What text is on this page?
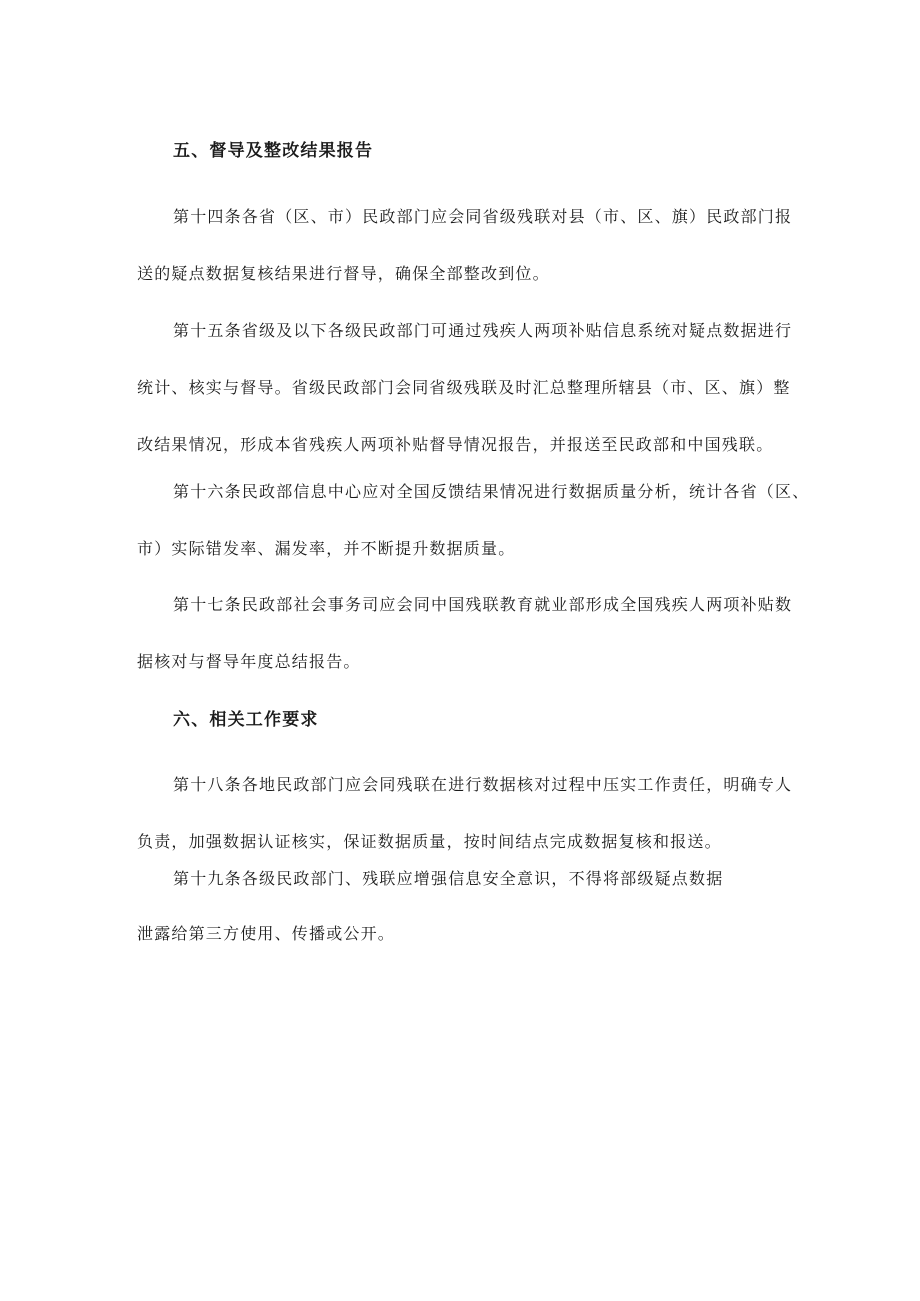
五、督导及整改结果报告
第十四条各省（区、市）民政部门应会同省级残联对县（市、区、旗）民政部门报
送的疑点数据复核结果进行督导，确保全部整改到位。
第十五条省级及以下各级民政部门可通过残疾人两项补贴信息系统对疑点数据进行
统计、核实与督导。省级民政部门会同省级残联及时汇总整理所辖县（市、区、旗）整
改结果情况，形成本省残疾人两项补贴督导情况报告，并报送至民政部和中国残联。
第十六条民政部信息中心应对全国反馈结果情况进行数据质量分析，统计各省（区、
市）实际错发率、漏发率，并不断提升数据质量。
第十七条民政部社会事务司应会同中国残联教育就业部形成全国残疾人两项补贴数
据核对与督导年度总结报告。
六、相关工作要求
第十八条各地民政部门应会同残联在进行数据核对过程中压实工作责任，明确专人
负责，加强数据认证核实，保证数据质量，按时间结点完成数据复核和报送。
第十九条各级民政部门、残联应增强信息安全意识，不得将部级疑点数据
泄露给第三方使用、传播或公开。
